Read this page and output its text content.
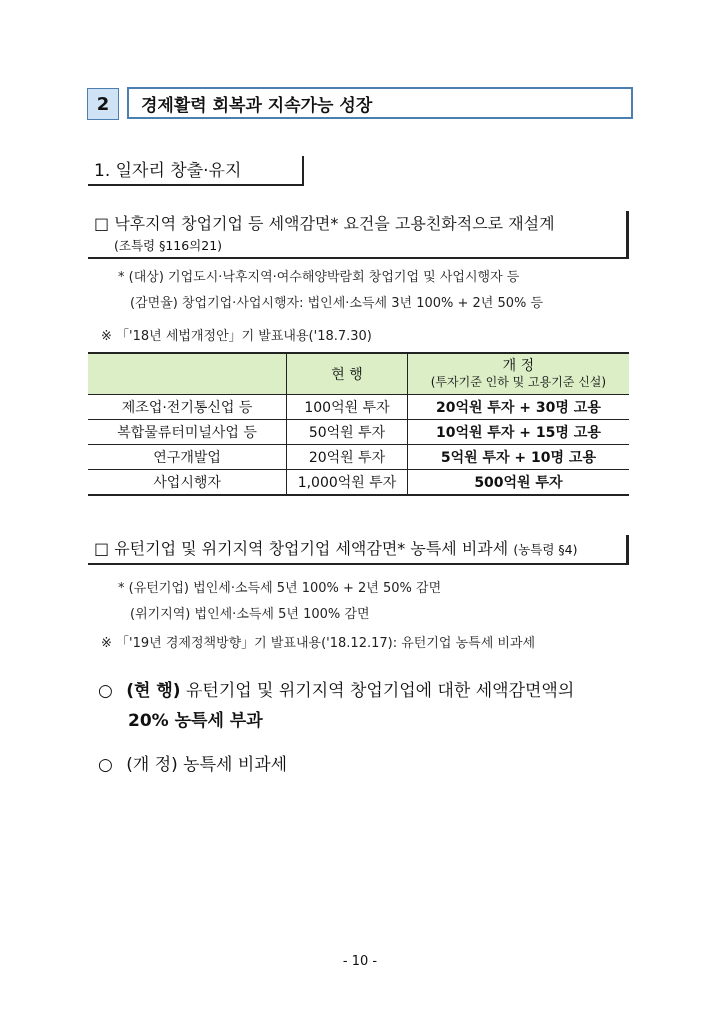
2	경제활력 회복과 지속가능 성장
1. 일자리 창출·유지
□ 낙후지역 창업기업 등 세액감면* 요건을 고용친화적으로 재설계
(조특령 §116의21)
* (대상) 기업도시·낙후지역·여수해양박람회 창업기업 및 사업시행자 등
(감면율) 창업기업·사업시행자: 법인세·소득세 3년 100% + 2년 50% 등
※ 「'18년 세법개정안」기 발표내용('18.7.30)
	현 행	개 정
(투자기준 인하 및 고용기준 신설)

제조업·전기통신업 등	100억원 투자	20억원 투자 + 30명 고용
복합물류터미널사업 등	50억원 투자	10억원 투자 + 15명 고용
연구개발업	20억원 투자	5억원 투자 + 10명 고용
사업시행자	1,000억원 투자	500억원 투자
□ 유턴기업 및 위기지역 창업기업 세액감면* 농특세 비과세 (농특령 §4)
* (유턴기업) 법인세·소득세 5년 100% + 2년 50% 감면
(위기지역) 법인세·소득세 5년 100% 감면
※ 「'19년 경제정책방향」기 발표내용('18.12.17): 유턴기업 농특세 비과세
○ (현 행) 유턴기업 및 위기지역 창업기업에 대한 세액감면액의
20% 농특세 부과
○ (개 정) 농특세 비과세
- 10 -
